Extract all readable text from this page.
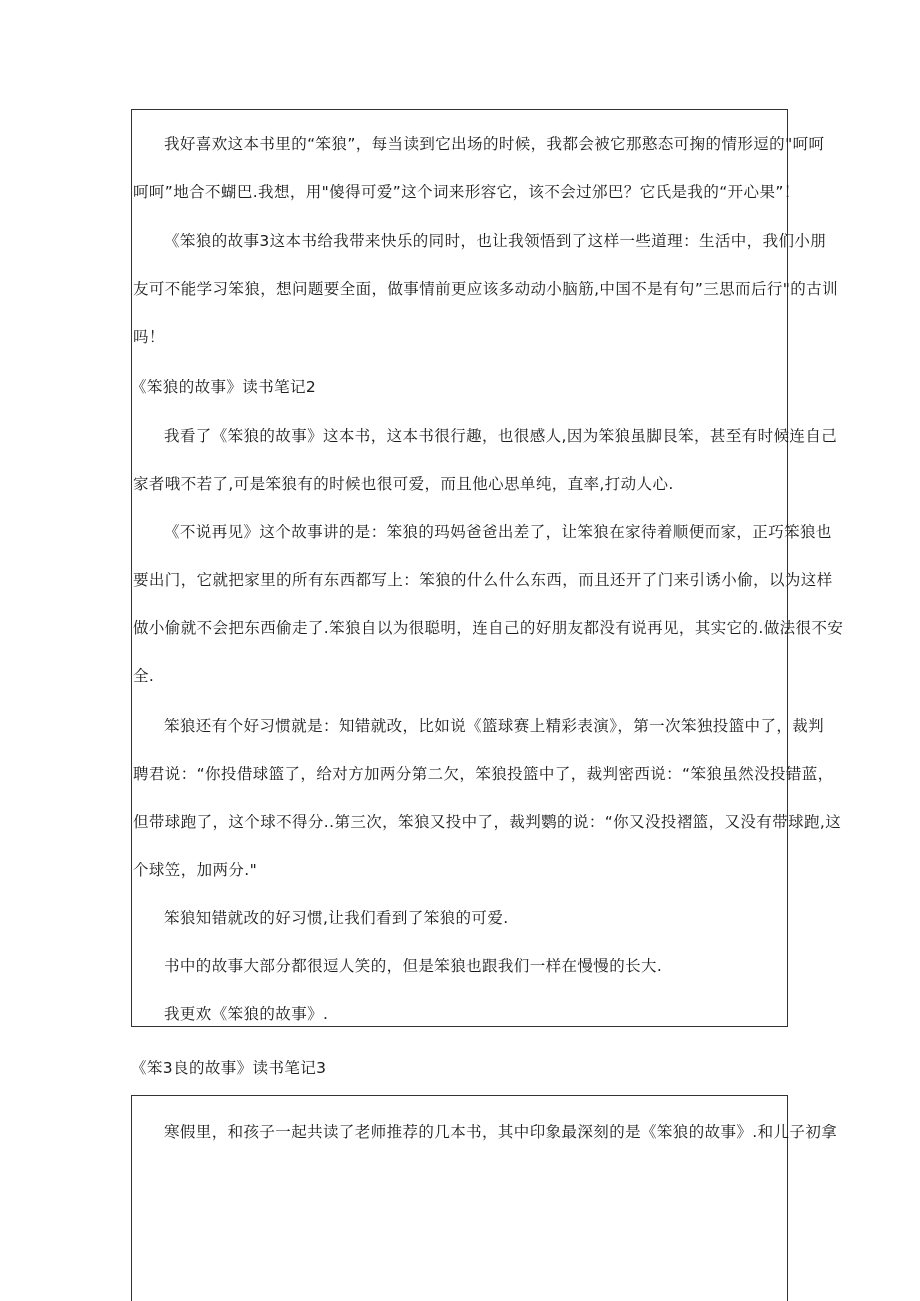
我好喜欢这本书里的“笨狼”，每当读到它出场的时候，我都会被它那憨态可掬的情形逗的"呵呵

呵呵”地合不蝴巴.我想，用"傻得可爱”这个词来形容它，该不会过邠巴？它氏是我的“开心果”！

《笨狼的故事3这本书给我带来快乐的同时，也让我领悟到了这样一些道理：生活中，我们小朋

友可不能学习笨狼，想问题要全面，做事情前更应该多动动小脑筋,中国不是有句”三思而后行"的古训

吗！

《笨狼的故事》读书笔记2

我看了《笨狼的故事》这本书，这本书很行趣，也很感人,因为笨狼虽脚艮笨，甚至有时候连自己

家者哦不若了,可是笨狼有的时候也很可爱，而且他心思单纯，直率,打动人心.

《不说再见》这个故事讲的是：笨狼的玛妈爸爸出差了，让笨狼在家待着顺便而家，正巧笨狼也

要出门，它就把家里的所有东西都写上：笨狼的什么什么东西，而且还开了门来引诱小偷，以为这样

做小偷就不会把东西偷走了.笨狼自以为很聪明，连自己的好朋友都没有说再见，其实它的.做法很不安

全.

笨狼还有个好习惯就是：知错就改，比如说《篮球赛上精彩表演》，第一次笨独投篮中了，裁判

聘君说：“你投借球篮了，给对方加两分第二欠，笨狼投篮中了，裁判密西说：“笨狼虽然没投错蓝，

但带球跑了，这个球不得分..第三次，笨狼又投中了，裁判鹦的说：“你又没投褶篮，又没有带球跑,这

个球笠，加两分."

笨狼知错就改的好习惯,让我们看到了笨狼的可爱.

书中的故事大部分都很逗人笑的，但是笨狼也跟我们一样在慢慢的长大.

我更欢《笨狼的故事》.

《笨3良的故事》读书笔记3

寒假里，和孩子一起共读了老师推荐的几本书，其中印象最深刻的是《笨狼的故事》.和儿子初拿
